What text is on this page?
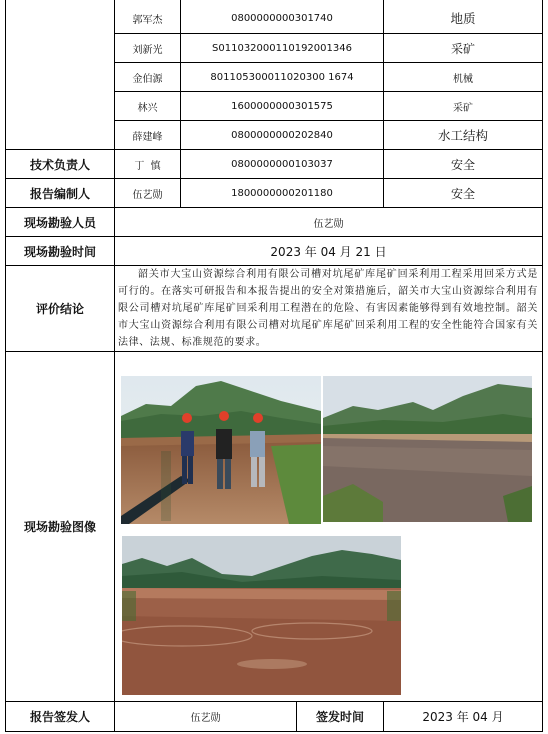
郭军杰	0800000000301740	地质
刘新光	S011032000110192001346	采矿
金伯源	801105300011020300 1674	机械
林兴	1600000000301575	采矿
薛建峰	0800000000202840	水工结构
技术负责人	丁  慎	0800000000103037	安全
报告编制人	伍艺勋	1800000000201180	安全
现场勘验人员	伍艺勋
现场勘验时间	2023 年 04 月 21 日
评价结论
韶关市大宝山资源综合利用有限公司槽对坑尾矿库尾矿回采利用工程采用回采方式是可行的。在落实可研报告和本报告提出的安全对策措施后，韶关市大宝山资源综合利用有限公司槽对坑尾矿库尾矿回采利用工程潜在的危险、有害因素能够得到有效地控制。韶关市大宝山资源综合利用有限公司槽对坑尾矿库尾矿回采利用工程的安全性能符合国家有关法律、法规、标准规范的要求。
现场勘验图像
报告签发人	伍艺勋	签发时间	2023 年 04 月
